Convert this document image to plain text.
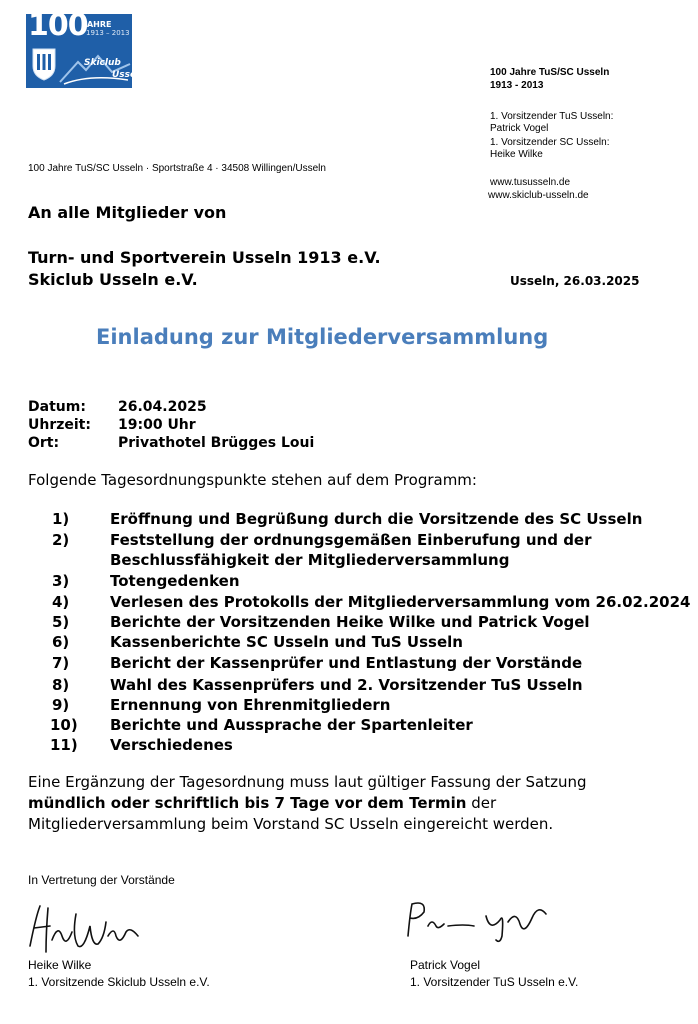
100
JAHRE
1913 – 2013
Skiclub
Usseln	100 Jahre TuS/SC Usseln
1913 - 2013
1. Vorsitzender TuS Usseln:
Patrick Vogel
1. Vorsitzender SC Usseln:
Heike Wilke
www.tususseln.de
www.skiclub-usseln.de
100 Jahre TuS/SC Usseln · Sportstraße 4 · 34508 Willingen/Usseln
An alle Mitglieder von
Turn- und Sportverein Usseln 1913 e.V.
Skiclub Usseln e.V.	Usseln, 26.03.2025
Einladung zur Mitgliederversammlung
Datum: 26.04.2025
Uhrzeit: 19:00 Uhr
Ort:	Privathotel Brügges Loui
Folgende Tagesordnungspunkte stehen auf dem Programm:
1)	Eröffnung und Begrüßung durch die Vorsitzende des SC Usseln
2)	Feststellung der ordnungsgemäßen Einberufung und der
Beschlussfähigkeit der Mitgliederversammlung
3)	Totengedenken
4)	Verlesen des Protokolls der Mitgliederversammlung vom 26.02.2024
5)	Berichte der Vorsitzenden Heike Wilke und Patrick Vogel
6)	Kassenberichte SC Usseln und TuS Usseln
7)	Bericht der Kassenprüfer und Entlastung der Vorstände
8)	Wahl des Kassenprüfers und 2. Vorsitzender TuS Usseln
9)	Ernennung von Ehrenmitgliedern
10) Berichte und Aussprache der Spartenleiter
11) Verschiedenes
Eine Ergänzung der Tagesordnung muss laut gültiger Fassung der Satzung
mündlich oder schriftlich bis 7 Tage vor dem Termin der
Mitgliederversammlung beim Vorstand SC Usseln eingereicht werden.
In Vertretung der Vorstände
Heike Wilke
1. Vorsitzende Skiclub Usseln e.V.
Patrick Vogel
1. Vorsitzender TuS Usseln e.V.
